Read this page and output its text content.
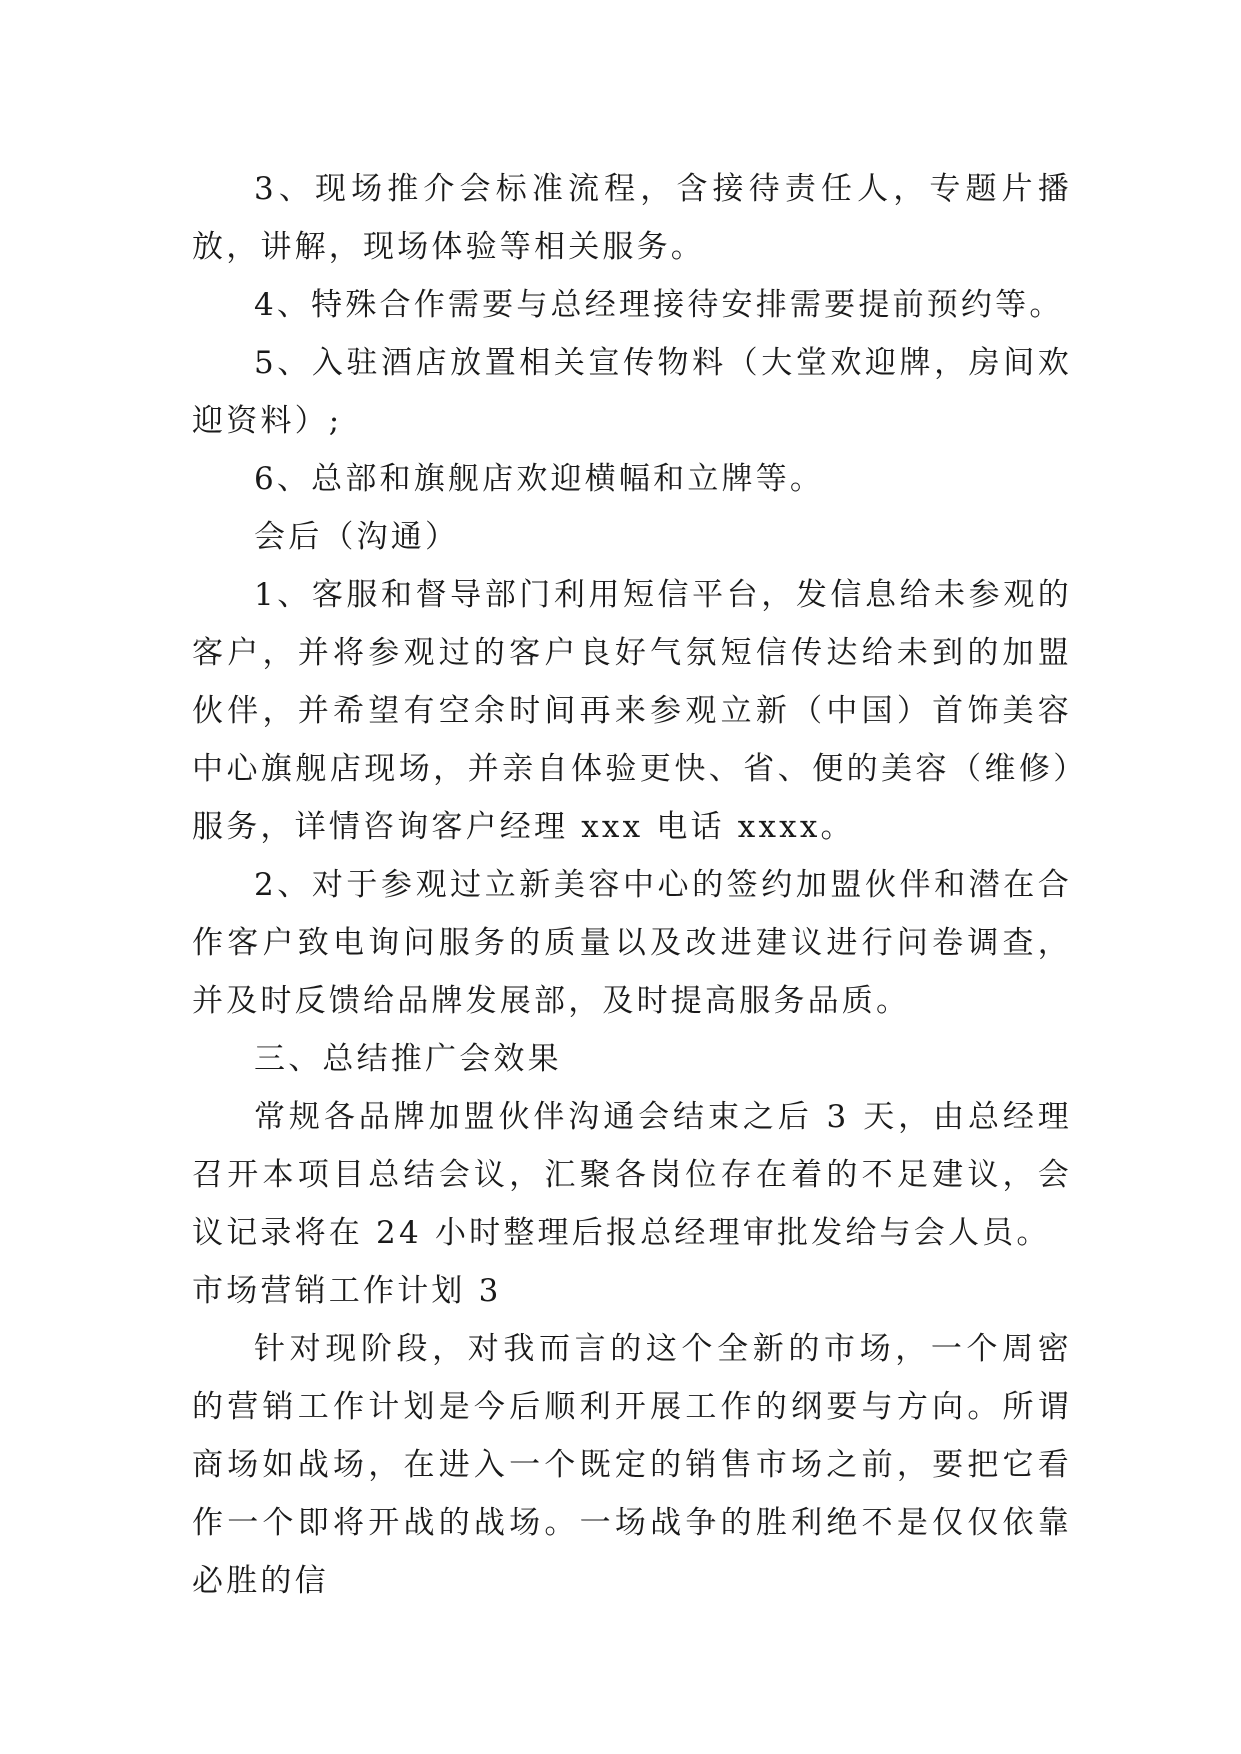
3、现场推介会标准流程，含接待责任人，专题片播放，讲解，现场体验等相关服务。

4、特殊合作需要与总经理接待安排需要提前预约等。

5、入驻酒店放置相关宣传物料（大堂欢迎牌，房间欢迎资料）;

6、总部和旗舰店欢迎横幅和立牌等。

会后（沟通）

1、客服和督导部门利用短信平台，发信息给未参观的客户，并将参观过的客户良好气氛短信传达给未到的加盟伙伴，并希望有空余时间再来参观立新（中国）首饰美容中心旗舰店现场，并亲自体验更快、省、便的美容（维修）服务，详情咨询客户经理 xxx 电话 xxxx。

2、对于参观过立新美容中心的签约加盟伙伴和潜在合作客户致电询问服务的质量以及改进建议进行问卷调查，并及时反馈给品牌发展部，及时提高服务品质。

三、总结推广会效果

常规各品牌加盟伙伴沟通会结束之后 3 天，由总经理召开本项目总结会议，汇聚各岗位存在着的不足建议，会议记录将在 24 小时整理后报总经理审批发给与会人员。

市场营销工作计划 3

针对现阶段，对我而言的这个全新的市场，一个周密的营销工作计划是今后顺利开展工作的纲要与方向。所谓商场如战场，在进入一个既定的销售市场之前，要把它看作一个即将开战的战场。一场战争的胜利绝不是仅仅依靠必胜的信
